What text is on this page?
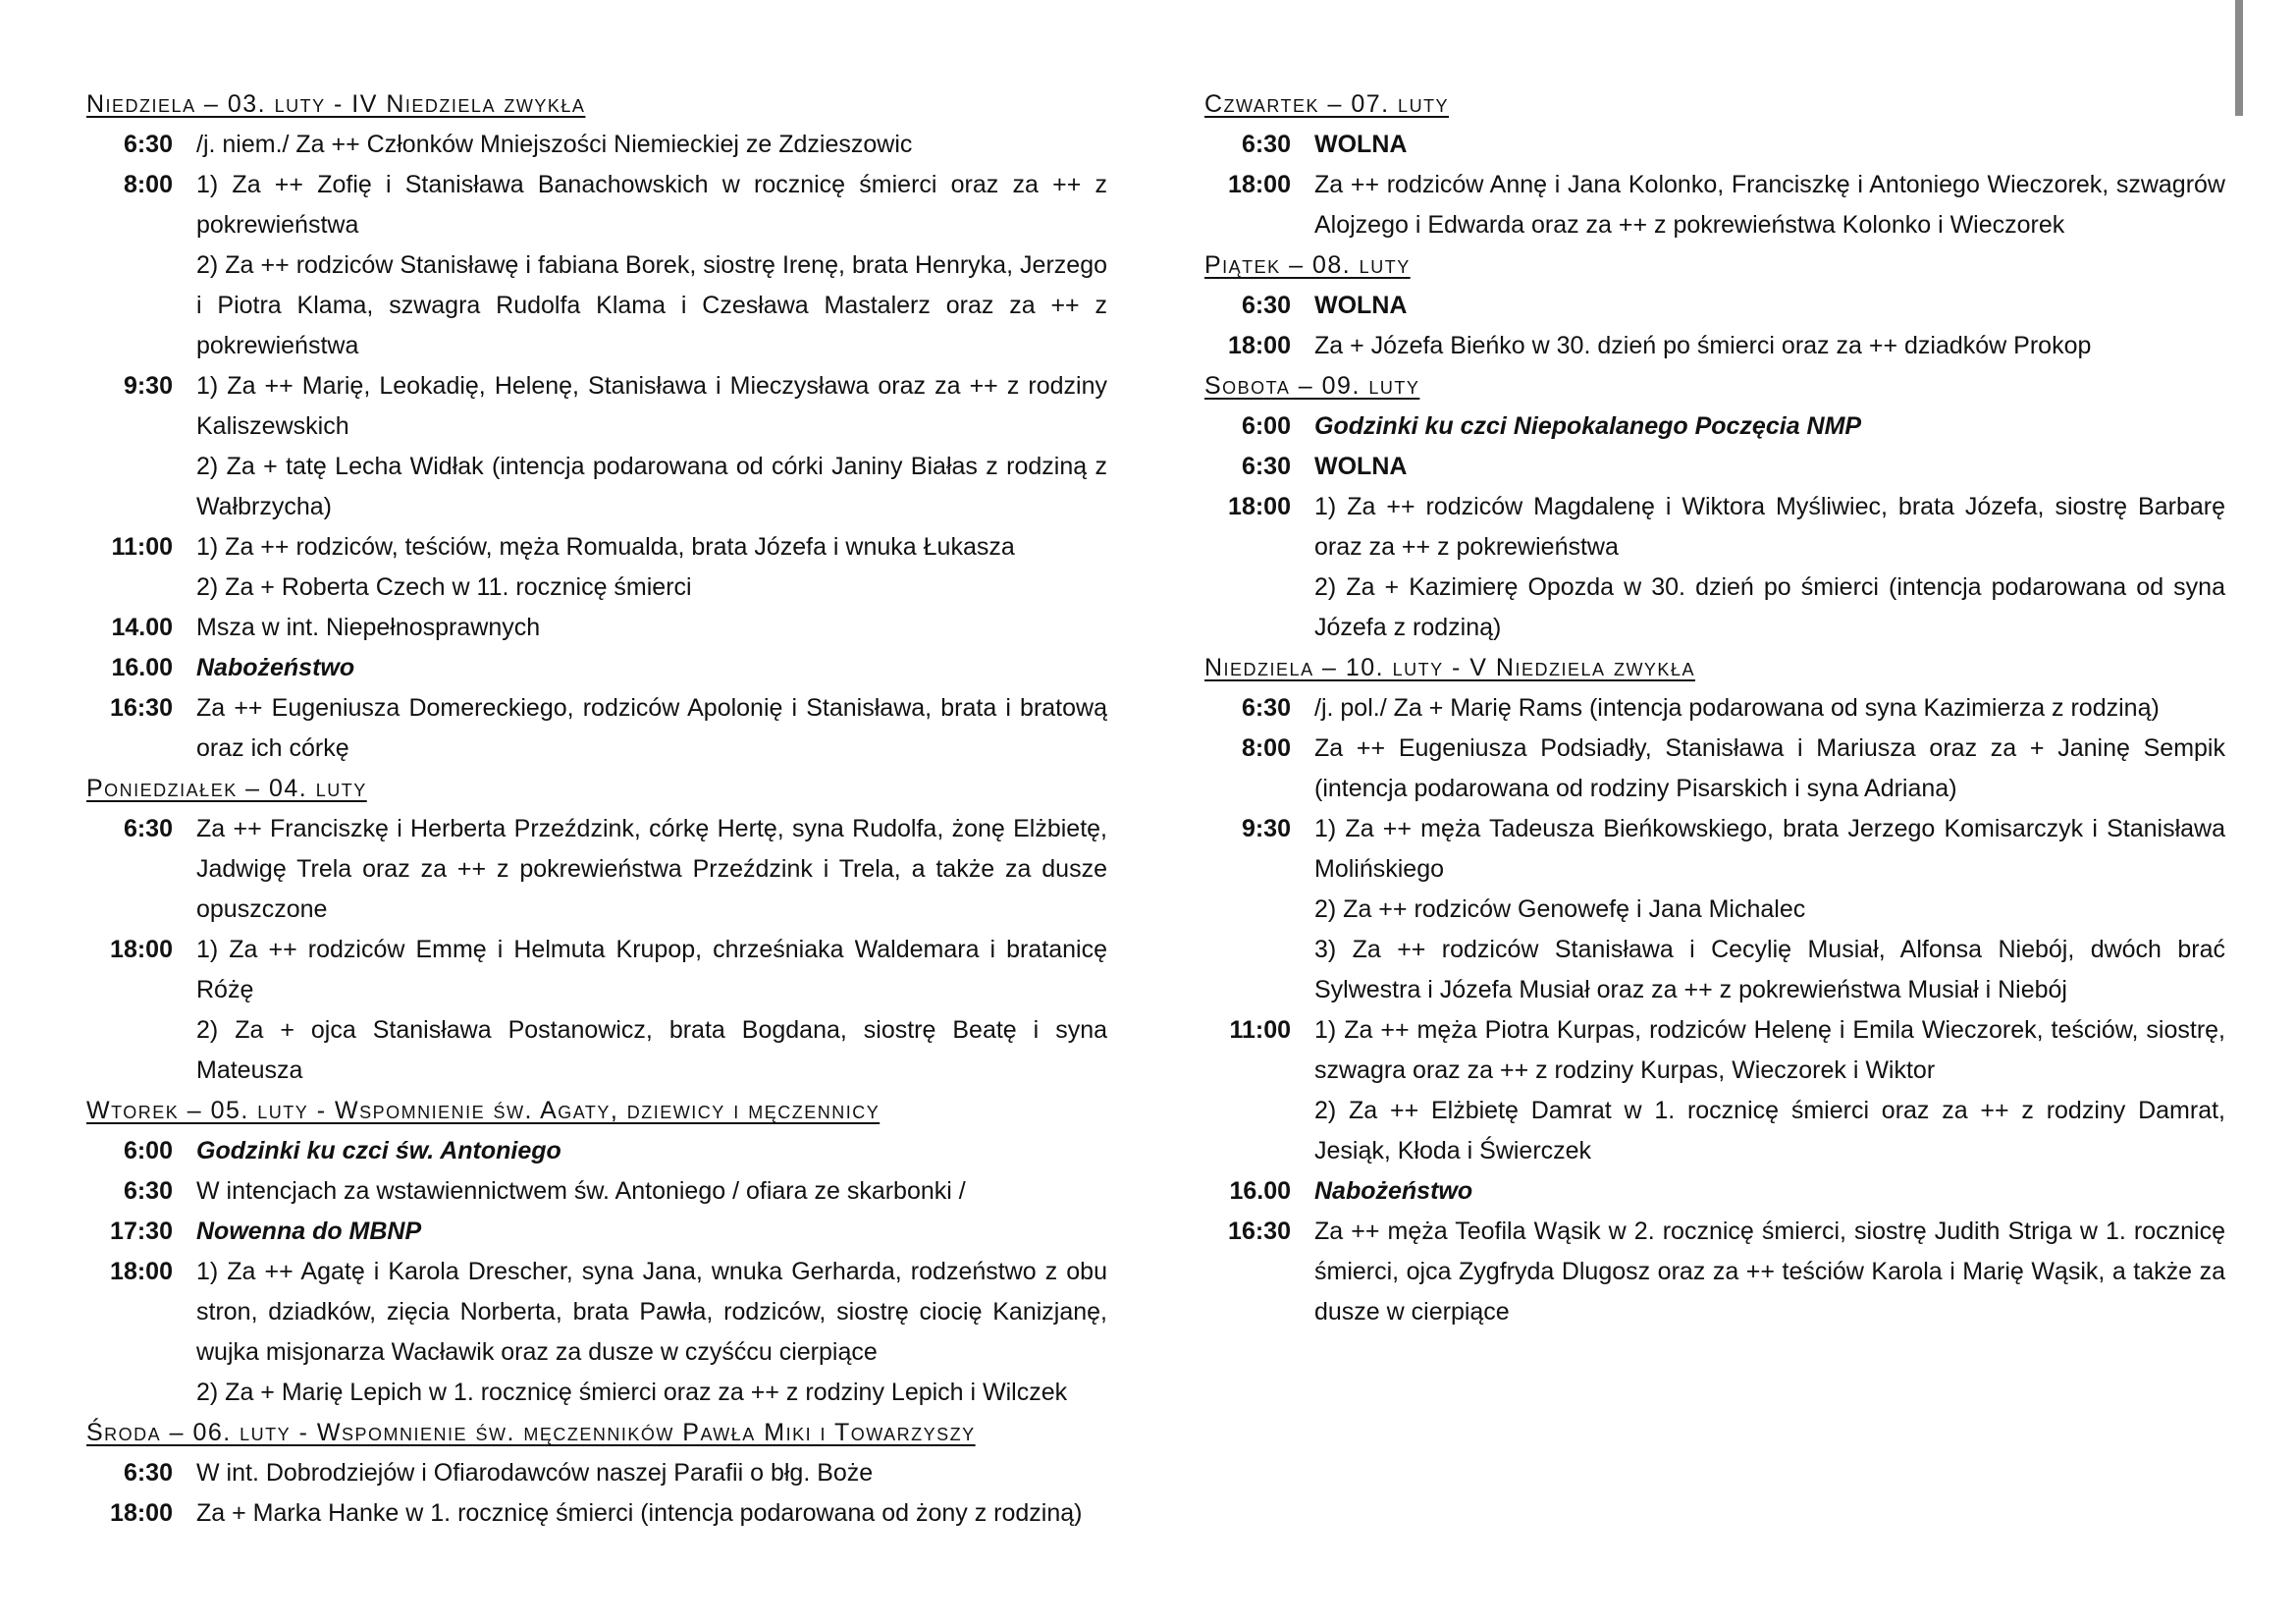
Niedziela – 03. luty - IV Niedziela zwykła
6:30 /j. niem./ Za ++ Członków Mniejszości Niemieckiej ze Zdzieszowic
8:00 1) Za ++ Zofię i Stanisława Banachowskich w rocznicę śmierci oraz za ++ z pokrewieństwa
2) Za ++ rodziców Stanisławę i fabiana Borek, siostrę Irenę, brata Henryka, Jerzego i Piotra Klama, szwagra Rudolfa Klama i Czesława Mastalerz oraz za ++ z pokrewieństwa
9:30 1) Za ++ Marię, Leokadię, Helenę, Stanisława i Mieczysława oraz za ++ z rodziny Kaliszewskich
2) Za + tatę Lecha Widłak (intencja podarowana od córki Janiny Białas z rodziną z Wałbrzycha)
11:00 1) Za ++ rodziców, teściów, męża Romualda, brata Józefa i wnuka Łukasza
2) Za + Roberta Czech w 11. rocznicę śmierci
14.00 Msza w int. Niepełnosprawnych
16.00 Nabożeństwo
16:30 Za ++ Eugeniusza Domereckiego, rodziców Apolonię i Stanisława, brata i bratową oraz ich córkę
Poniedziałek – 04. luty
6:30 Za ++ Franciszkę i Herberta Przeździnk, córkę Hertę, syna Rudolfa, żonę Elżbietę, Jadwigę Trela oraz za ++ z pokrewieństwa Przeździnk i Trela, a także za dusze opuszczone
18:00 1) Za ++ rodziców Emmę i Helmuta Krupop, chrześniaka Waldemara i bratanicę Różę
2) Za + ojca Stanisława Postanowicz, brata Bogdana, siostrę Beatę i syna Mateusza
Wtorek – 05. luty - Wspomnienie św. Agaty, dziewicy i męczennicy
6:00 Godzinki ku czci św. Antoniego
6:30 W intencjach za wstawiennictwem św. Antoniego / ofiara ze skarbonki /
17:30 Nowenna do MBNP
18:00 1) Za ++ Agatę i Karola Drescher, syna Jana, wnuka Gerharda, rodzeństwo z obu stron, dziadków, zięcia Norberta, brata Pawła, rodziców, siostrę ciocię Kanizjanę, wujka misjonarza Wacławik oraz za dusze w czyśćcu cierpiące
2) Za + Marię Lepich w 1. rocznicę śmierci oraz za ++ z rodziny Lepich i Wilczek
Środa – 06. luty - Wspomnienie św. męczenników Pawła Miki i Towarzyszy
6:30 W int. Dobrodziejów i Ofiarodawców naszej Parafii o błg. Boże
18:00 Za + Marka Hanke w 1. rocznicę śmierci (intencja podarowana od żony z rodziną)
Czwartek – 07. luty
6:30 WOLNA
18:00 Za ++ rodziców Annę i Jana Kolonko, Franciszkę i Antoniego Wieczorek, szwagrów Alojzego i Edwarda oraz za ++ z pokrewieństwa Kolonko i Wieczorek
Piątek – 08. luty
6:30 WOLNA
18:00 Za + Józefa Bieńko w 30. dzień po śmierci oraz za ++ dziadków Prokop
Sobota – 09. luty
6:00 Godzinki ku czci Niepokalanego Poczęcia NMP
6:30 WOLNA
18:00 1) Za ++ rodziców Magdalenę i Wiktora Myśliwiec, brata Józefa, siostrę Barbarę oraz za ++ z pokrewieństwa
2) Za + Kazimierę Opozda w 30. dzień po śmierci (intencja podarowana od syna Józefa z rodziną)
Niedziela – 10. luty - V Niedziela zwykła
6:30 /j. pol./ Za + Marię Rams (intencja podarowana od syna Kazimierza z rodziną)
8:00 Za ++ Eugeniusza Podsiadły, Stanisława i Mariusza oraz za + Janinę Sempik (intencja podarowana od rodziny Pisarskich i syna Adriana)
9:30 1) Za ++ męża Tadeusza Bieńkowskiego, brata Jerzego Komisarczyk i Stanisława Molińskiego
2) Za ++ rodziców Genowefę i Jana Michalec
3) Za ++ rodziców Stanisława i Cecylię Musiał, Alfonsa Niebój, dwóch brać Sylwestra i Józefa Musiał oraz za ++ z pokrewieństwa Musiał i Niebój
11:00 1) Za ++ męża Piotra Kurpas, rodziców Helenę i Emila Wieczorek, teściów, siostrę, szwagra oraz za ++ z rodziny Kurpas, Wieczorek i Wiktor
2) Za ++ Elżbietę Damrat w 1. rocznicę śmierci oraz za ++ z rodziny Damrat, Jesiąk, Kłoda i Świerczek
16.00 Nabożeństwo
16:30 Za ++ męża Teofila Wąsik w 2. rocznicę śmierci, siostrę Judith Striga w 1. rocznicę śmierci, ojca Zygfryda Dlugosz oraz za ++ teściów Karola i Marię Wąsik, a także za dusze w cierpiące
